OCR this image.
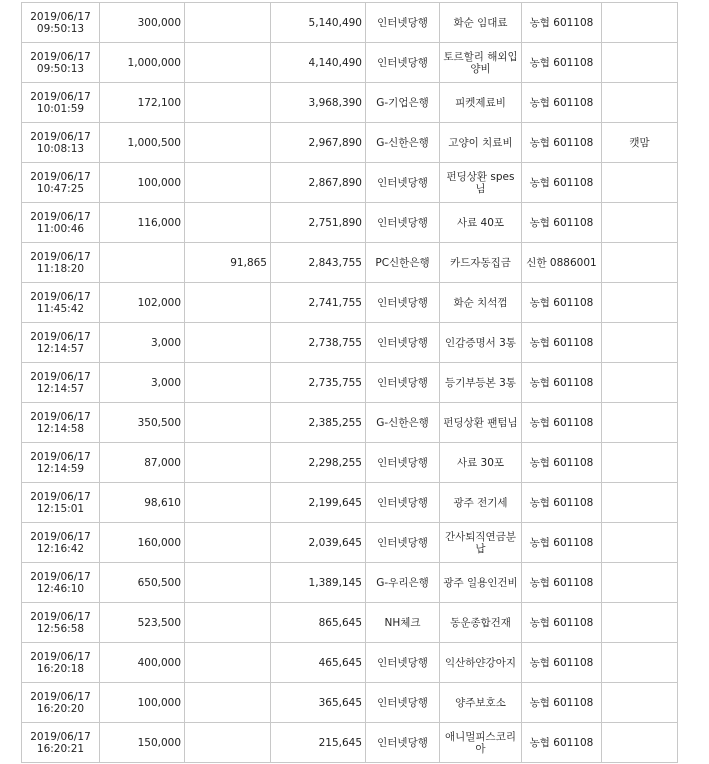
2019/06/17
09:50:13	300,000		5,140,490	인터넷당행	화순 임대료	농협 601108	
2019/06/17
09:50:13	1,000,000		4,140,490	인터넷당행	토르할리 해외입양비	농협 601108	
2019/06/17
10:01:59	172,100		3,968,390	G-기업은행	피켓제료비	농협 601108	
2019/06/17
10:08:13	1,000,500		2,967,890	G-신한은행	고양이 치료비	농협 601108	캣맘
2019/06/17
10:47:25	100,000		2,867,890	인터넷당행	펀딩상환 spes님	농협 601108	
2019/06/17
11:00:46	116,000		2,751,890	인터넷당행	사료 40포	농협 601108	
2019/06/17
11:18:20		91,865	2,843,755	PC신한은행	카드자동집금	신한 0886001	
2019/06/17
11:45:42	102,000		2,741,755	인터넷당행	화순 치석껌	농협 601108	
2019/06/17
12:14:57	3,000		2,738,755	인터넷당행	인감증명서 3통	농협 601108	
2019/06/17
12:14:57	3,000		2,735,755	인터넷당행	등기부등본 3통	농협 601108	
2019/06/17
12:14:58	350,500		2,385,255	G-신한은행	펀딩상환 팬텀님	농협 601108	
2019/06/17
12:14:59	87,000		2,298,255	인터넷당행	사료 30포	농협 601108	
2019/06/17
12:15:01	98,610		2,199,645	인터넷당행	광주 전기세	농협 601108	
2019/06/17
12:16:42	160,000		2,039,645	인터넷당행	간사퇴직연금분납	농협 601108	
2019/06/17
12:46:10	650,500		1,389,145	G-우리은행	광주 일용인건비	농협 601108	
2019/06/17
12:56:58	523,500		865,645	NH체크	동운종합건재	농협 601108	
2019/06/17
16:20:18	400,000		465,645	인터넷당행	익산하얀강아지	농협 601108	
2019/06/17
16:20:20	100,000		365,645	인터넷당행	양주보호소	농협 601108	
2019/06/17
16:20:21	150,000		215,645	인터넷당행	애니멀피스코리아	농협 601108	
